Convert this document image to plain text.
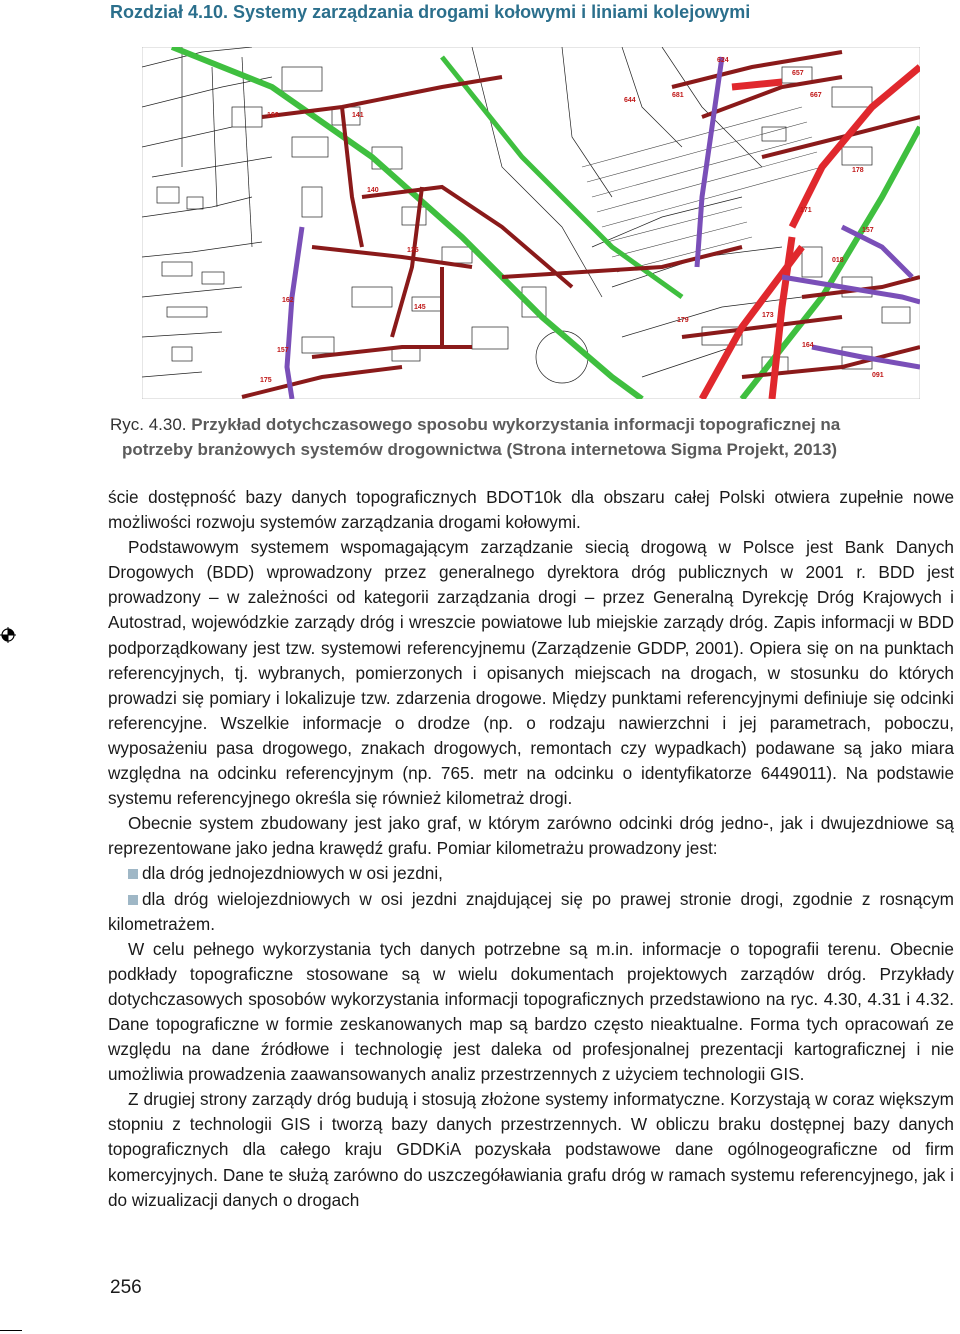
Rozdział 4.10. Systemy zarządzania drogami kołowymi i liniami kolejowymi
166	141
140
135
162
145
157
175
644
681
624
657
667
178
171
157
018
179
173
164
091
Ryc. 4.30. Przykład dotychczasowego sposobu wykorzystania informacji topograficznej na
potrzeby branżowych systemów drogownictwa (Strona internetowa Sigma Projekt, 2013)

ście dostępność bazy danych topograficznych BDOT10k dla obszaru całej Polski otwiera zupełnie nowe możliwości rozwoju systemów zarządzania drogami kołowymi.

Podstawowym systemem wspomagającym zarządzanie siecią drogową w Polsce jest Bank Danych Drogowych (BDD) wprowadzony przez generalnego dyrektora dróg publicznych w 2001 r. BDD jest prowadzony – w zależności od kategorii zarządzania drogi – przez Generalną Dyrekcję Dróg Krajowych i Autostrad, wojewódzkie zarządy dróg i wreszcie powiatowe lub miejskie zarządy dróg. Zapis informacji w BDD podporządkowany jest tzw. systemowi referencyjnemu (Zarządzenie GDDP, 2001). Opiera się on na punktach referencyjnych, tj. wybranych, pomierzonych i opisanych miejscach na drogach, w stosunku do których prowadzi się pomiary i lokalizuje tzw. zdarzenia drogowe. Między punktami referencyjnymi definiuje się odcinki referencyjne. Wszelkie informacje o drodze (np. o rodzaju nawierzchni i jej parametrach, poboczu, wyposażeniu pasa drogowego, znakach drogowych, remontach czy wypadkach) podawane są jako miara względna na odcinku referencyjnym (np. 765. metr na odcinku o identyfikatorze 6449011). Na podstawie systemu referencyjnego określa się również kilometraż drogi.

Obecnie system zbudowany jest jako graf, w którym zarówno odcinki dróg jedno-, jak i dwujezdniowe są reprezentowane jako jedna krawędź grafu. Pomiar kilometrażu prowadzony jest:

dla dróg jednojezdniowych w osi jezdni,
dla dróg wielojezdniowych w osi jezdni znajdującej się po prawej stronie drogi, zgodnie z rosnącym kilometrażem.

W celu pełnego wykorzystania tych danych potrzebne są m.in. informacje o topografii terenu. Obecnie podkłady topograficzne stosowane są w wielu dokumentach projektowych zarządów dróg. Przykłady dotychczasowych sposobów wykorzystania informacji topograficznych przedstawiono na ryc. 4.30, 4.31 i 4.32. Dane topograficzne w formie zeskanowanych map są bardzo często nieaktualne. Forma tych opracowań ze względu na dane źródłowe i technologię jest daleka od profesjonalnej prezentacji kartograficznej i nie umożliwia prowadzenia zaawansowanych analiz przestrzennych z użyciem technologii GIS.

Z drugiej strony zarządy dróg budują i stosują złożone systemy informatyczne. Korzystają w coraz większym stopniu z technologii GIS i tworzą bazy danych przestrzennych. W obliczu braku dostępnej bazy danych topograficznych dla całego kraju GDDKiA pozyskała podstawowe dane ogólnogeograficzne od firm komercyjnych. Dane te służą zarówno do uszczegóławiania grafu dróg w ramach systemu referencyjnego, jak i do wizualizacji danych o drogach

256
